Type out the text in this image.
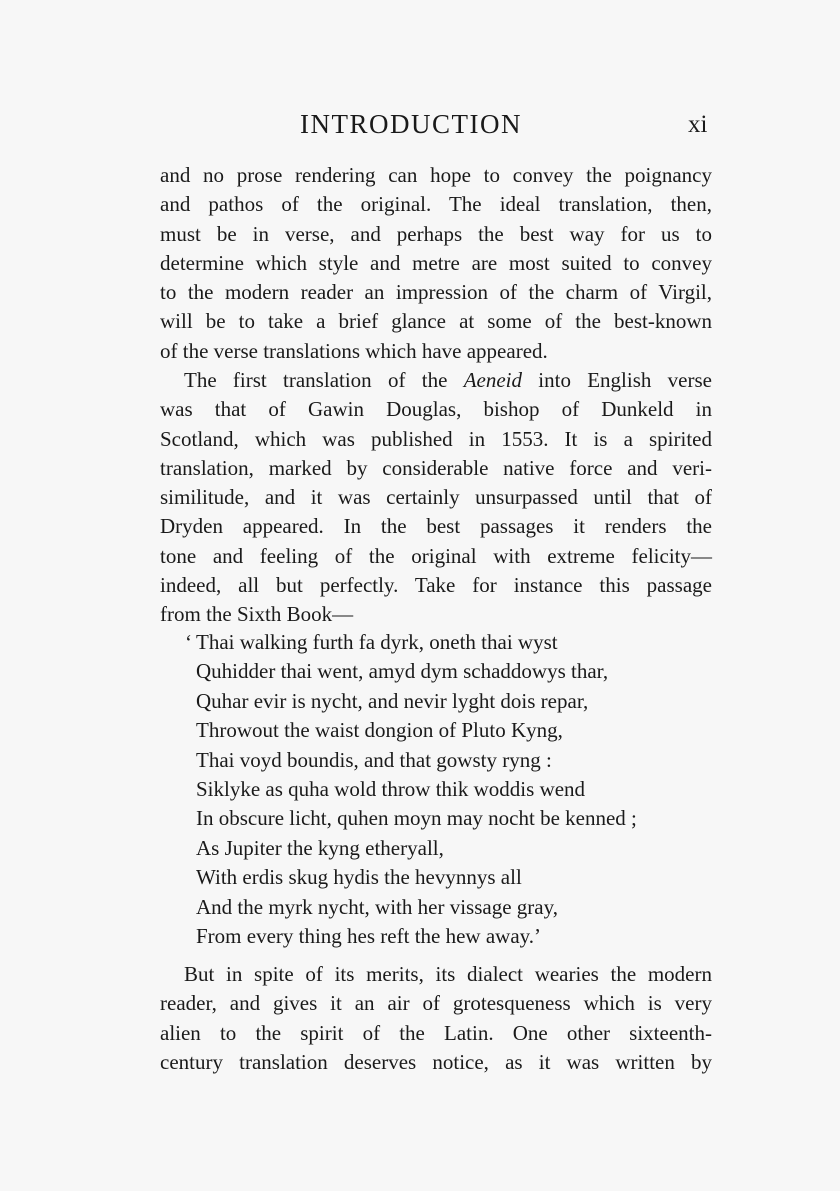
INTRODUCTION	xi
and no prose rendering can hope to convey the poignancy
and pathos of the original. The ideal translation, then,
must be in verse, and perhaps the best way for us to
determine which style and metre are most suited to convey
to the modern reader an impression of the charm of Virgil,
will be to take a brief glance at some of the best-known
of the verse translations which have appeared.
The first translation of the Aeneid into English verse
was that of Gawin Douglas, bishop of Dunkeld in
Scotland, which was published in 1553. It is a spirited
translation, marked by considerable native force and veri-
similitude, and it was certainly unsurpassed until that of
Dryden appeared. In the best passages it renders the
tone and feeling of the original with extreme felicity—
indeed, all but perfectly. Take for instance this passage
from the Sixth Book—
‘ Thai walking furth fa dyrk, oneth thai wyst
Quhidder thai went, amyd dym schaddowys thar,
Quhar evir is nycht, and nevir lyght dois repar,
Throwout the waist dongion of Pluto Kyng,
Thai voyd boundis, and that gowsty ryng :
Siklyke as quha wold throw thik woddis wend
In obscure licht, quhen moyn may nocht be kenned ;
As Jupiter the kyng etheryall,
With erdis skug hydis the hevynnys all
And the myrk nycht, with her vissage gray,
From every thing hes reft the hew away.’
But in spite of its merits, its dialect wearies the modern
reader, and gives it an air of grotesqueness which is very
alien to the spirit of the Latin. One other sixteenth-
century translation deserves notice, as it was written by
